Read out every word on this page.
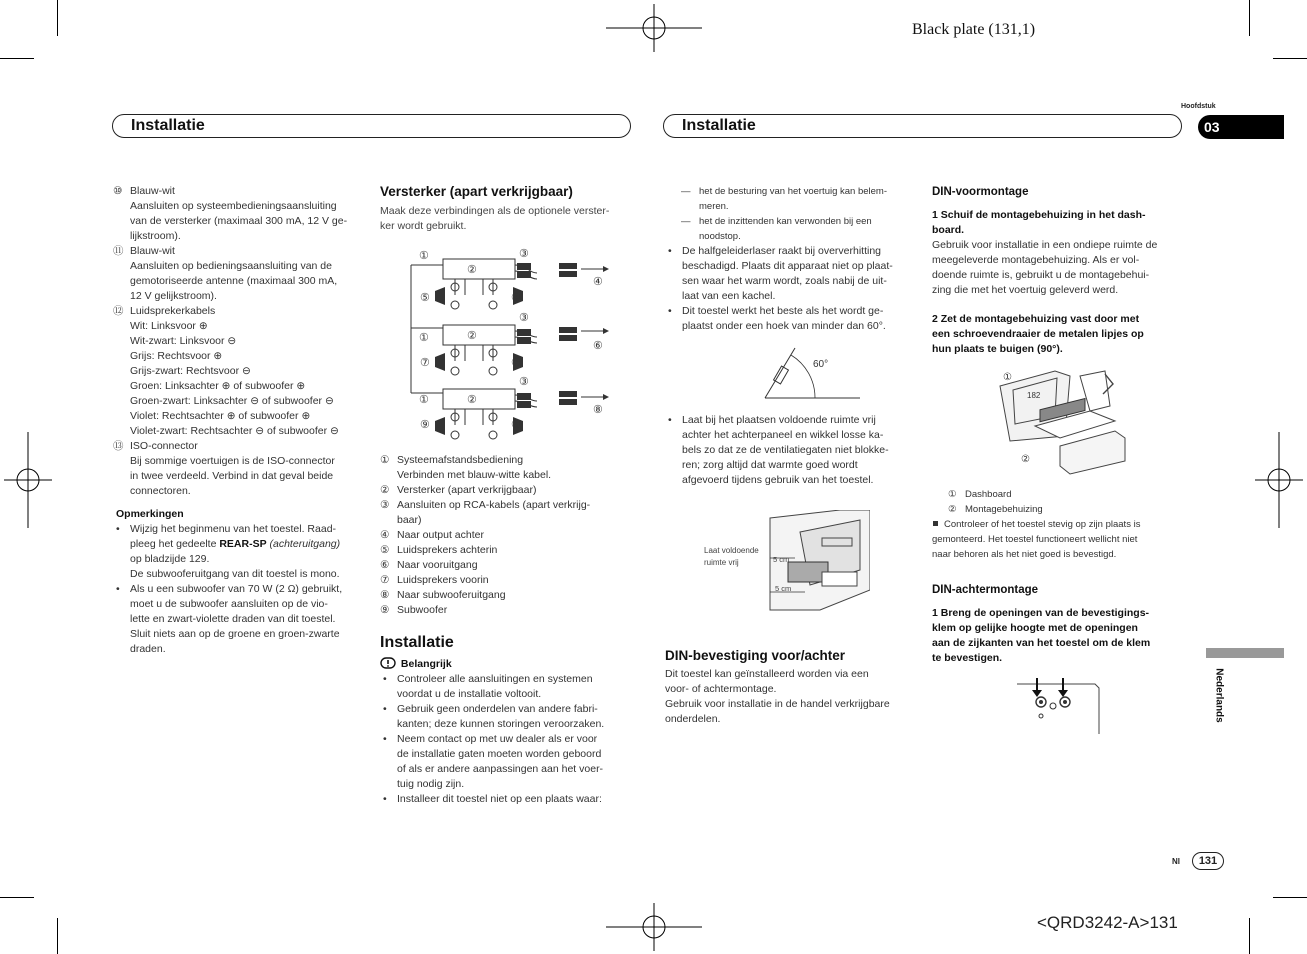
Black plate (131,1)
Hoofdstuk
03
Installatie	Installatie
Nederlands
Nl	131
<QRD3242-A>131

⑩ Blauw-wit

Aansluiten op systeembedieningsaansluiting

van de versterker (maximaal 300 mA, 12 V ge-

lijkstroom).

⑪ Blauw-wit

Aansluiten op bedieningsaansluiting van de

gemotoriseerde antenne (maximaal 300 mA,

12 V gelijkstroom).

⑫ Luidsprekerkabels

Wit: Linksvoor ⊕

Wit-zwart: Linksvoor ⊖

Grijs: Rechtsvoor ⊕

Grijs-zwart: Rechtsvoor ⊖

Groen: Linksachter ⊕ of subwoofer ⊕

Groen-zwart: Linksachter ⊖ of subwoofer ⊖

Violet: Rechtsachter ⊕ of subwoofer ⊕

Violet-zwart: Rechtsachter ⊖ of subwoofer ⊖

⑬ ISO-connector

Bij sommige voertuigen is de ISO-connector

in twee verdeeld. Verbind in dat geval beide

connectoren.

Opmerkingen

• Wijzig het beginmenu van het toestel. Raad-

pleeg het gedeelte REAR-SP (achteruitgang)

op bladzijde 129.

De subwooferuitgang van dit toestel is mono.

• Als u een subwoofer van 70 W (2 Ω) gebruikt,

moet u de subwoofer aansluiten op de vio-

lette en zwart-violette draden van dit toestel.

Sluit niets aan op de groene en groen-zwarte

draden.

Versterker (apart verkrijgbaar)

Maak deze verbindingen als de optionele verster-

ker wordt gebruikt.

①
②
③
④
⑤	⑤
③
①	②
⑥
⑦	⑦
③
①	②
⑧
⑨	⑨

① Systeemafstandsbediening

Verbinden met blauw-witte kabel.

② Versterker (apart verkrijgbaar)

③ Aansluiten op RCA-kabels (apart verkrijg-

baar)

④ Naar output achter

⑤ Luidsprekers achterin

⑥ Naar vooruitgang

⑦ Luidsprekers voorin

⑧ Naar subwooferuitgang

⑨ Subwoofer

Installatie

Belangrijk

• Controleer alle aansluitingen en systemen

voordat u de installatie voltooit.

• Gebruik geen onderdelen van andere fabri-

kanten; deze kunnen storingen veroorzaken.

• Neem contact op met uw dealer als er voor

de installatie gaten moeten worden geboord

of als er andere aanpassingen aan het voer-

tuig nodig zijn.

• Installeer dit toestel niet op een plaats waar:

— het de besturing van het voertuig kan belem-

meren.

— het de inzittenden kan verwonden bij een

noodstop.

• De halfgeleiderlaser raakt bij oververhitting

beschadigd. Plaats dit apparaat niet op plaat-

sen waar het warm wordt, zoals nabij de uit-

laat van een kachel.

• Dit toestel werkt het beste als het wordt ge-

plaatst onder een hoek van minder dan 60°.

60°

• Laat bij het plaatsen voldoende ruimte vrij

achter het achterpaneel en wikkel losse ka-

bels zo dat ze de ventilatiegaten niet blokke-

ren; zorg altijd dat warmte goed wordt

afgevoerd tijdens gebruik van het toestel.

Laat voldoende
ruimte vrij	5 cm
5 cm
DIN-bevestiging voor/achter

Dit toestel kan geïnstalleerd worden via een

voor- of achtermontage.

Gebruik voor installatie in de handel verkrijgbare

onderdelen.

DIN-voormontage

1 Schuif de montagebehuizing in het dash-

board.

Gebruik voor installatie in een ondiepe ruimte de

meegeleverde montagebehuizing. Als er vol-

doende ruimte is, gebruikt u de montagebehui-

zing die met het voertuig geleverd werd.

2 Zet de montagebehuizing vast door met

een schroevendraaier de metalen lipjes op

hun plaats te buigen (90°).

①
②
182

① Dashboard

② Montagebehuizing

Controleer of het toestel stevig op zijn plaats is

gemonteerd. Het toestel functioneert wellicht niet

naar behoren als het niet goed is bevestigd.

DIN-achtermontage

1 Breng de openingen van de bevestigings-

klem op gelijke hoogte met de openingen

aan de zijkanten van het toestel om de klem

te bevestigen.
